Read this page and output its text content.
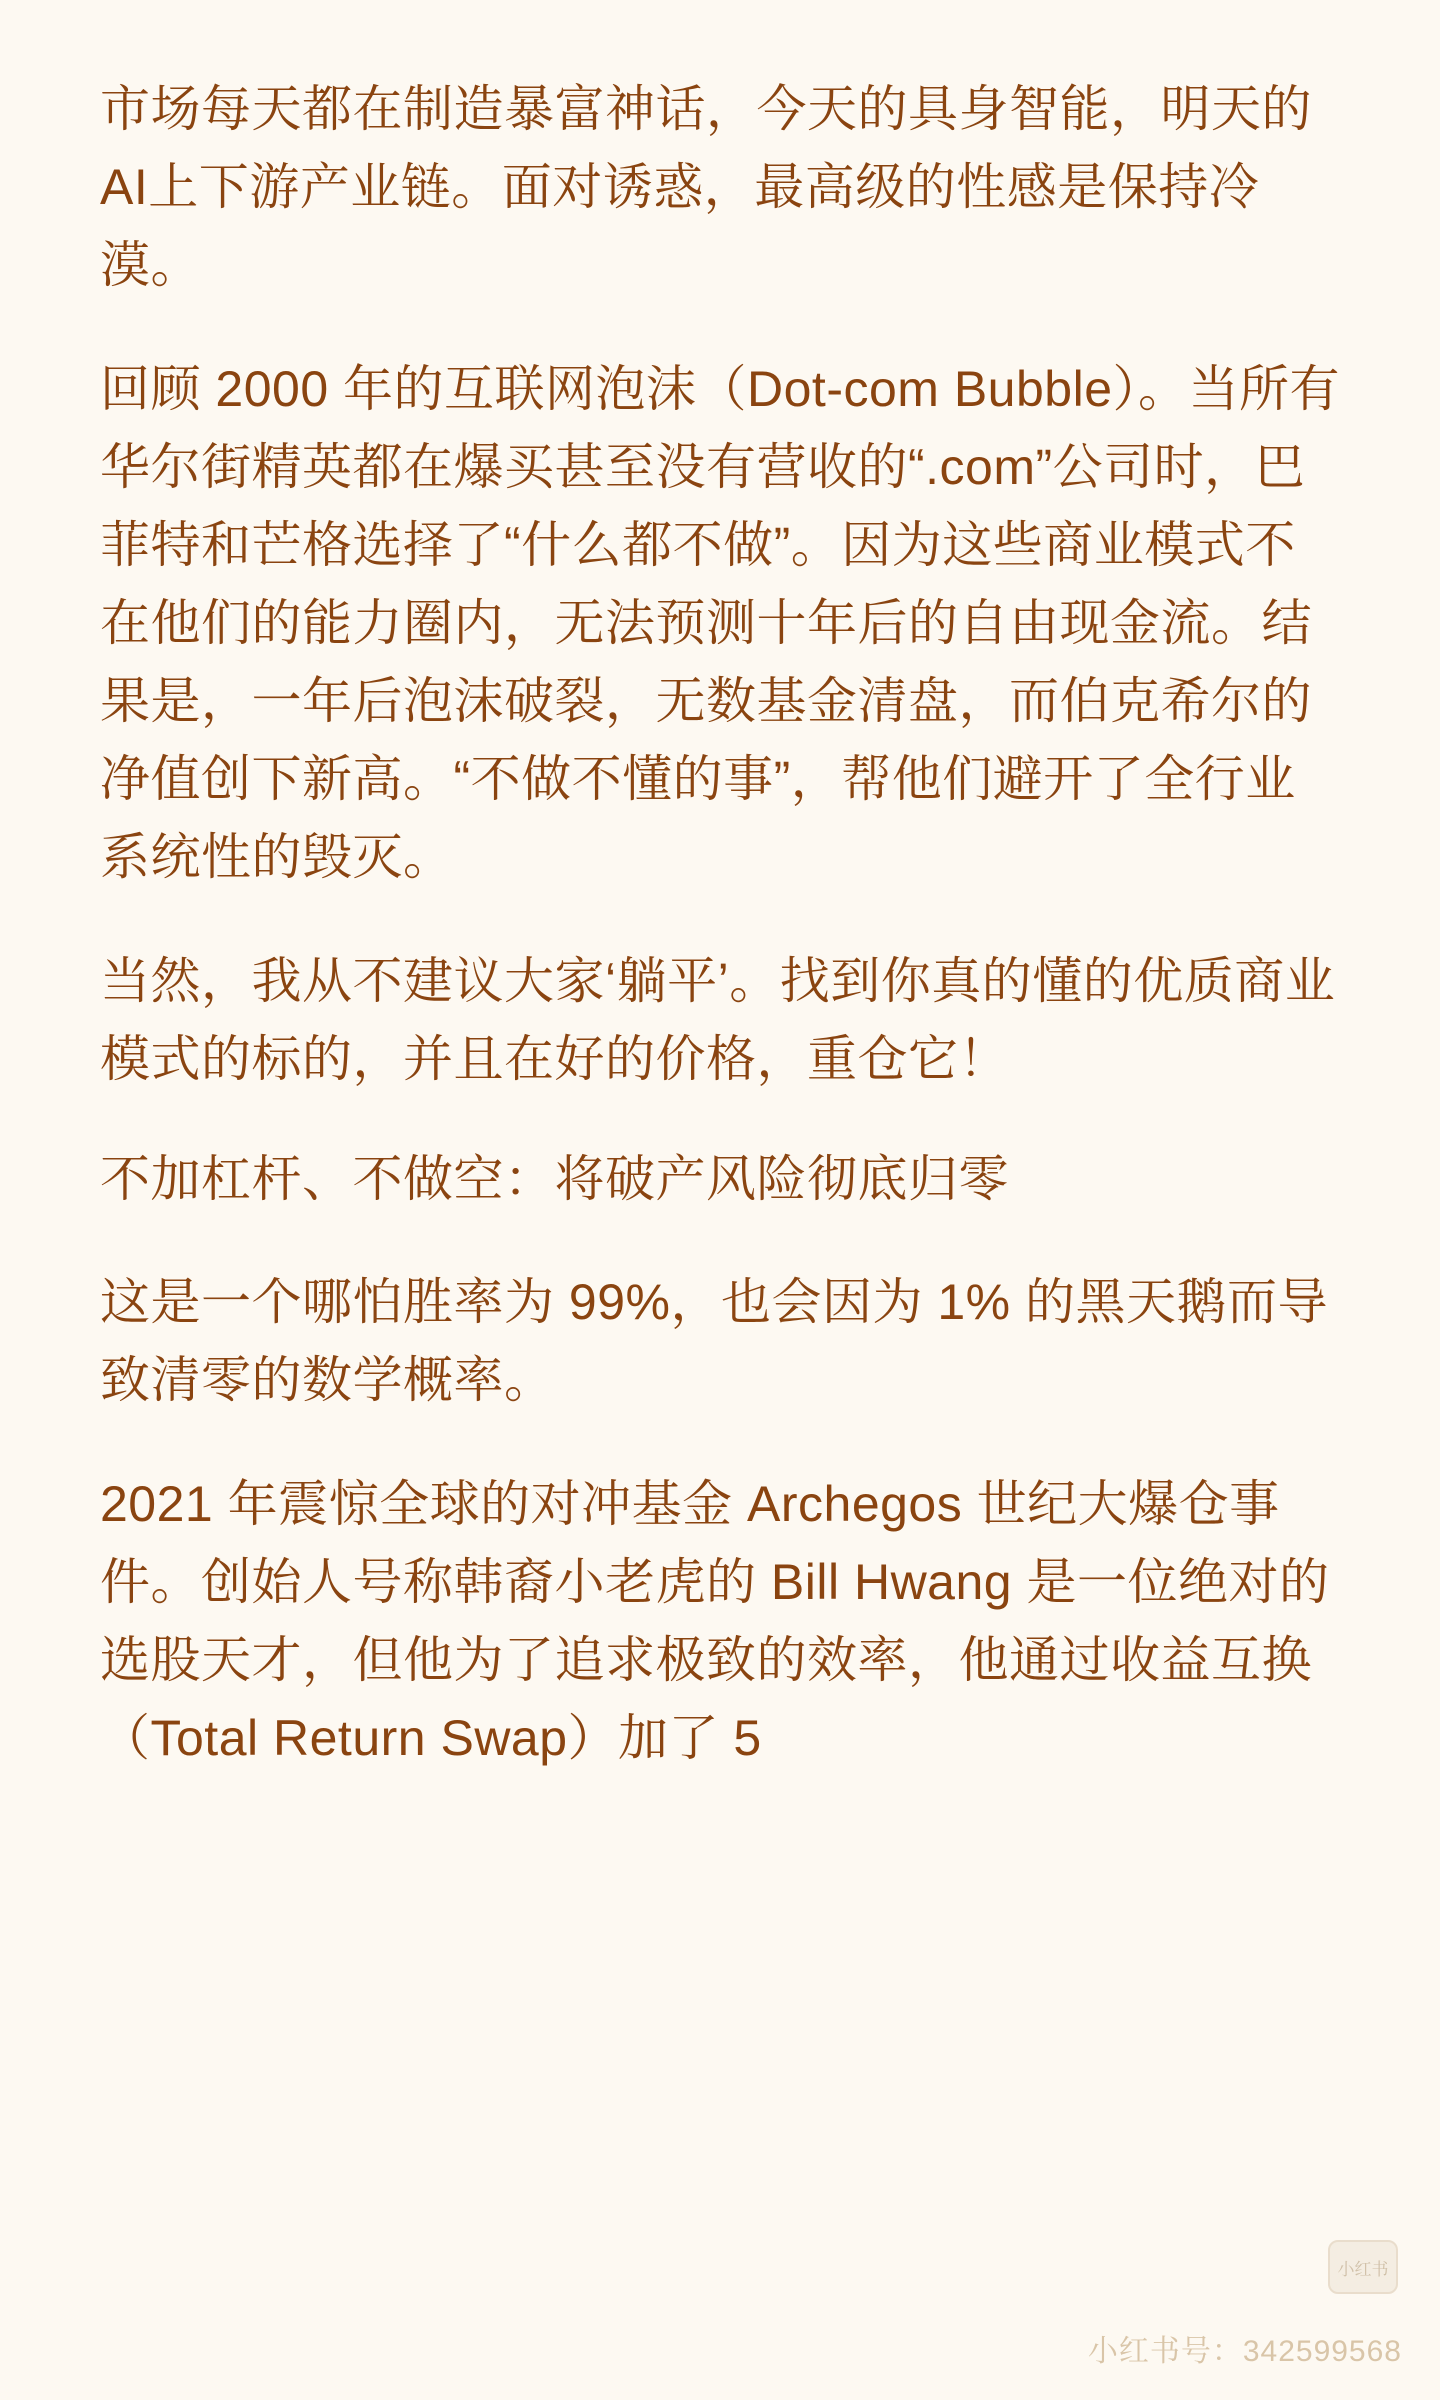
市场每天都在制造暴富神话，今天的具身智能，明天的AI上下游产业链。面对诱惑，最高级的性感是保持冷漠。

回顾 2000 年的互联网泡沫（Dot-com Bubble）。当所有华尔街精英都在爆买甚至没有营收的“.com”公司时，巴菲特和芒格选择了“什么都不做”。因为这些商业模式不在他们的能力圈内，无法预测十年后的自由现金流。结果是，一年后泡沫破裂，无数基金清盘，而伯克希尔的净值创下新高。“不做不懂的事”，帮他们避开了全行业系统性的毁灭。

当然，我从不建议大家‘躺平’。找到你真的懂的优质商业模式的标的，并且在好的价格，重仓它！

不加杠杆、不做空：将破产风险彻底归零

这是一个哪怕胜率为 99%，也会因为 1% 的黑天鹅而导致清零的数学概率。

2021 年震惊全球的对冲基金 Archegos 世纪大爆仓事件。创始人号称韩裔小老虎的 Bill Hwang 是一位绝对的选股天才，但他为了追求极致的效率，他通过收益互换（Total Return Swap）加了 5

小红书
小红书号：342599568
